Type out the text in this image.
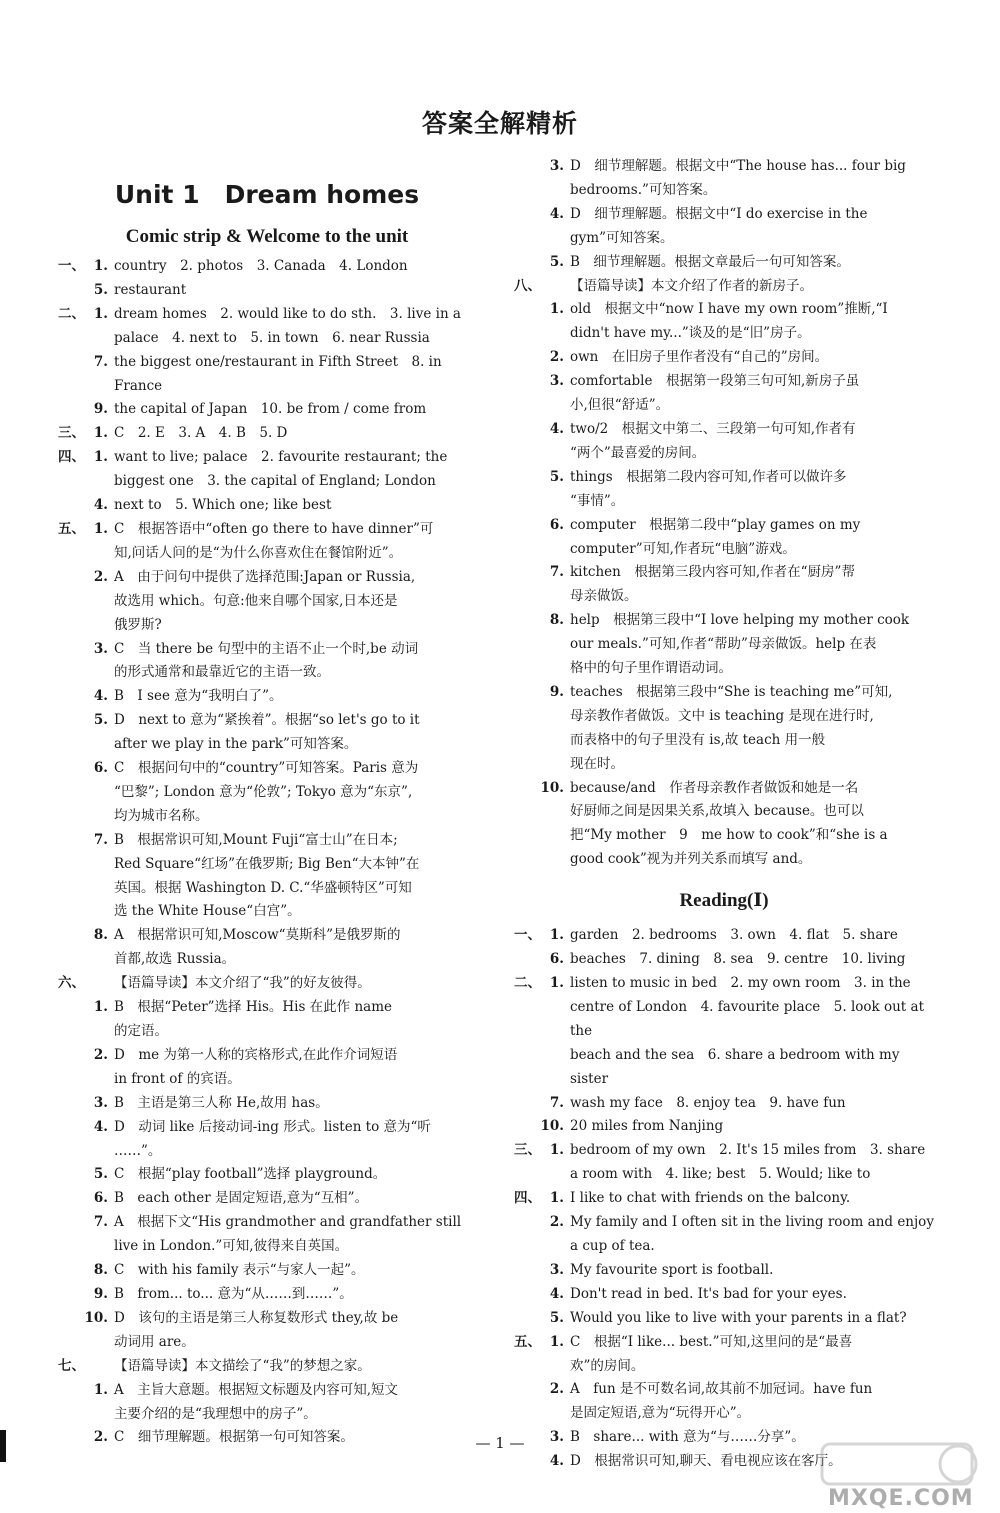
答案全解精析
Unit 1　Dream homes
Comic strip & Welcome to the unit
一、 1. country　2. photos　3. Canada　4. London
5. restaurant
二、 1. dream homes　2. would like to do sth.　3. live in a
palace　4. next to　5. in town　6. near Russia
7. the biggest one/restaurant in Fifth Street　8. in France
9. the capital of Japan　10. be from / come from
三、 1. C　2. E　3. A　4. B　5. D
四、 1. want to live; palace　2. favourite restaurant; the
biggest one　3. the capital of England; London
4. next to　5. Which one; like best
五、 1. C　根据答语中“often go there to have dinner”可
知,问话人问的是“为什么你喜欢住在餐馆附近”。
2. A　由于问句中提供了选择范围:Japan or Russia,
故选用 which。句意:他来自哪个国家,日本还是
俄罗斯?
3. C　当 there be 句型中的主语不止一个时,be 动词
的形式通常和最靠近它的主语一致。
4. B　I see 意为“我明白了”。
5. D　next to 意为“紧挨着”。根据“so let's go to it
after we play in the park”可知答案。
6. C　根据问句中的“country”可知答案。Paris 意为
“巴黎”; London 意为“伦敦”; Tokyo 意为“东京”,
均为城市名称。
7. B　根据常识可知,Mount Fuji“富士山”在日本;
Red Square“红场”在俄罗斯; Big Ben“大本钟”在
英国。根据 Washington D. C.“华盛顿特区”可知
选 the White House“白宫”。
8. A　根据常识可知,Moscow“莫斯科”是俄罗斯的
首都,故选 Russia。
六、 【语篇导读】本文介绍了“我”的好友彼得。
1. B　根据“Peter”选择 His。His 在此作 name
的定语。
2. D　me 为第一人称的宾格形式,在此作介词短语
in front of 的宾语。
3. B　主语是第三人称 He,故用 has。
4. D　动词 like 后接动词-ing 形式。listen to 意为“听
……”。
5. C　根据“play football”选择 playground。
6. B　each other 是固定短语,意为“互相”。
7. A　根据下文“His grandmother and grandfather still
live in London.”可知,彼得来自英国。
8. C　with his family 表示“与家人一起”。
9. B　from... to... 意为“从……到……”。
10. D　该句的主语是第三人称复数形式 they,故 be
动词用 are。
七、 【语篇导读】本文描绘了“我”的梦想之家。
1. A　主旨大意题。根据短文标题及内容可知,短文
主要介绍的是“我理想中的房子”。
2. C　细节理解题。根据第一句可知答案。
3. D　细节理解题。根据文中“The house has... four big
bedrooms.”可知答案。
4. D　细节理解题。根据文中“I do exercise in the
gym”可知答案。
5. B　细节理解题。根据文章最后一句可知答案。
八、 【语篇导读】本文介绍了作者的新房子。
1. old　根据文中“now I have my own room”推断,“I
didn't have my...”谈及的是“旧”房子。
2. own　在旧房子里作者没有“自己的”房间。
3. comfortable　根据第一段第三句可知,新房子虽
小,但很“舒适”。
4. two/2　根据文中第二、三段第一句可知,作者有
“两个”最喜爱的房间。
5. things　根据第二段内容可知,作者可以做许多
“事情”。
6. computer　根据第二段中“play games on my
computer”可知,作者玩“电脑”游戏。
7. kitchen　根据第三段内容可知,作者在“厨房”帮
母亲做饭。
8. help　根据第三段中“I love helping my mother cook
our meals.”可知,作者“帮助”母亲做饭。help 在表
格中的句子里作谓语动词。
9. teaches　根据第三段中“She is teaching me”可知,
母亲教作者做饭。文中 is teaching 是现在进行时,
而表格中的句子里没有 is,故 teach 用一般
现在时。
10. because/and　作者母亲教作者做饭和她是一名
好厨师之间是因果关系,故填入 because。也可以
把“My mother　9　me how to cook”和“she is a
good cook”视为并列关系而填写 and。
Reading(Ⅰ)
一、 1. garden　2. bedrooms　3. own　4. flat　5. share
6. beaches　7. dining　8. sea　9. centre　10. living
二、 1. listen to music in bed　2. my own room　3. in the
centre of London　4. favourite place　5. look out at the
beach and the sea　6. share a bedroom with my sister
7. wash my face　8. enjoy tea　9. have fun
10. 20 miles from Nanjing
三、 1. bedroom of my own　2. It's 15 miles from　3. share
a room with　4. like; best　5. Would; like to
四、 1. I like to chat with friends on the balcony.
2. My family and I often sit in the living room and enjoy
a cup of tea.
3. My favourite sport is football.
4. Don't read in bed. It's bad for your eyes.
5. Would you like to live with your parents in a flat?
五、 1. C　根据“I like... best.”可知,这里问的是“最喜
欢”的房间。
2. A　fun 是不可数名词,故其前不加冠词。have fun
是固定短语,意为“玩得开心”。
3. B　share... with 意为“与……分享”。
4. D　根据常识可知,聊天、看电视应该在客厅。
— 1 —
MXQE.COM
